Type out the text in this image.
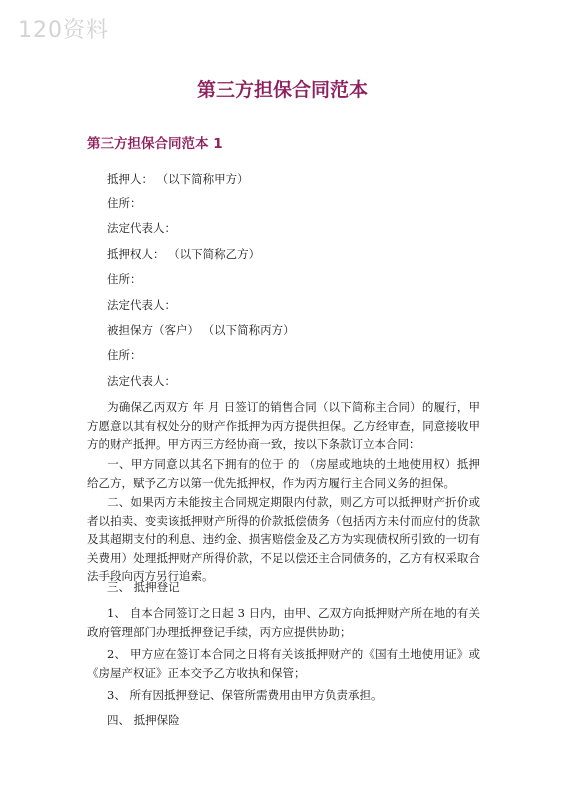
120资料
第三方担保合同范本
第三方担保合同范本 1
抵押人： （以下简称甲方）
住所：
法定代表人：
抵押权人： （以下简称乙方）
住所：
法定代表人：
被担保方（客户） （以下简称丙方）
住所：
法定代表人：
为确保乙丙双方 年 月 日签订的销售合同（以下简称主合同）的履行，甲方愿意以其有权处分的财产作抵押为丙方提供担保。乙方经审查，同意接收甲方的财产抵押。甲方丙三方经协商一致，按以下条款订立本合同：
一、甲方同意以其名下拥有的位于 的 （房屋或地块的土地使用权）抵押给乙方，赋予乙方以第一优先抵押权，作为丙方履行主合同义务的担保。
二、如果丙方未能按主合同规定期限内付款，则乙方可以抵押财产折价或者以拍卖、变卖该抵押财产所得的价款抵偿债务（包括丙方未付而应付的货款及其超期支付的利息、违约金、损害赔偿金及乙方为实现债权所引致的一切有关费用）处理抵押财产所得价款，不足以偿还主合同债务的，乙方有权采取合法手段向丙方另行追索。
三、 抵押登记
1、 自本合同签订之日起 3 日内，由甲、乙双方向抵押财产所在地的有关政府管理部门办理抵押登记手续，丙方应提供协助；
2、 甲方应在签订本合同之日将有关该抵押财产的《国有土地使用证》或《房屋产权证》正本交予乙方收执和保管；
3、 所有因抵押登记、保管所需费用由甲方负责承担。
四、 抵押保险
